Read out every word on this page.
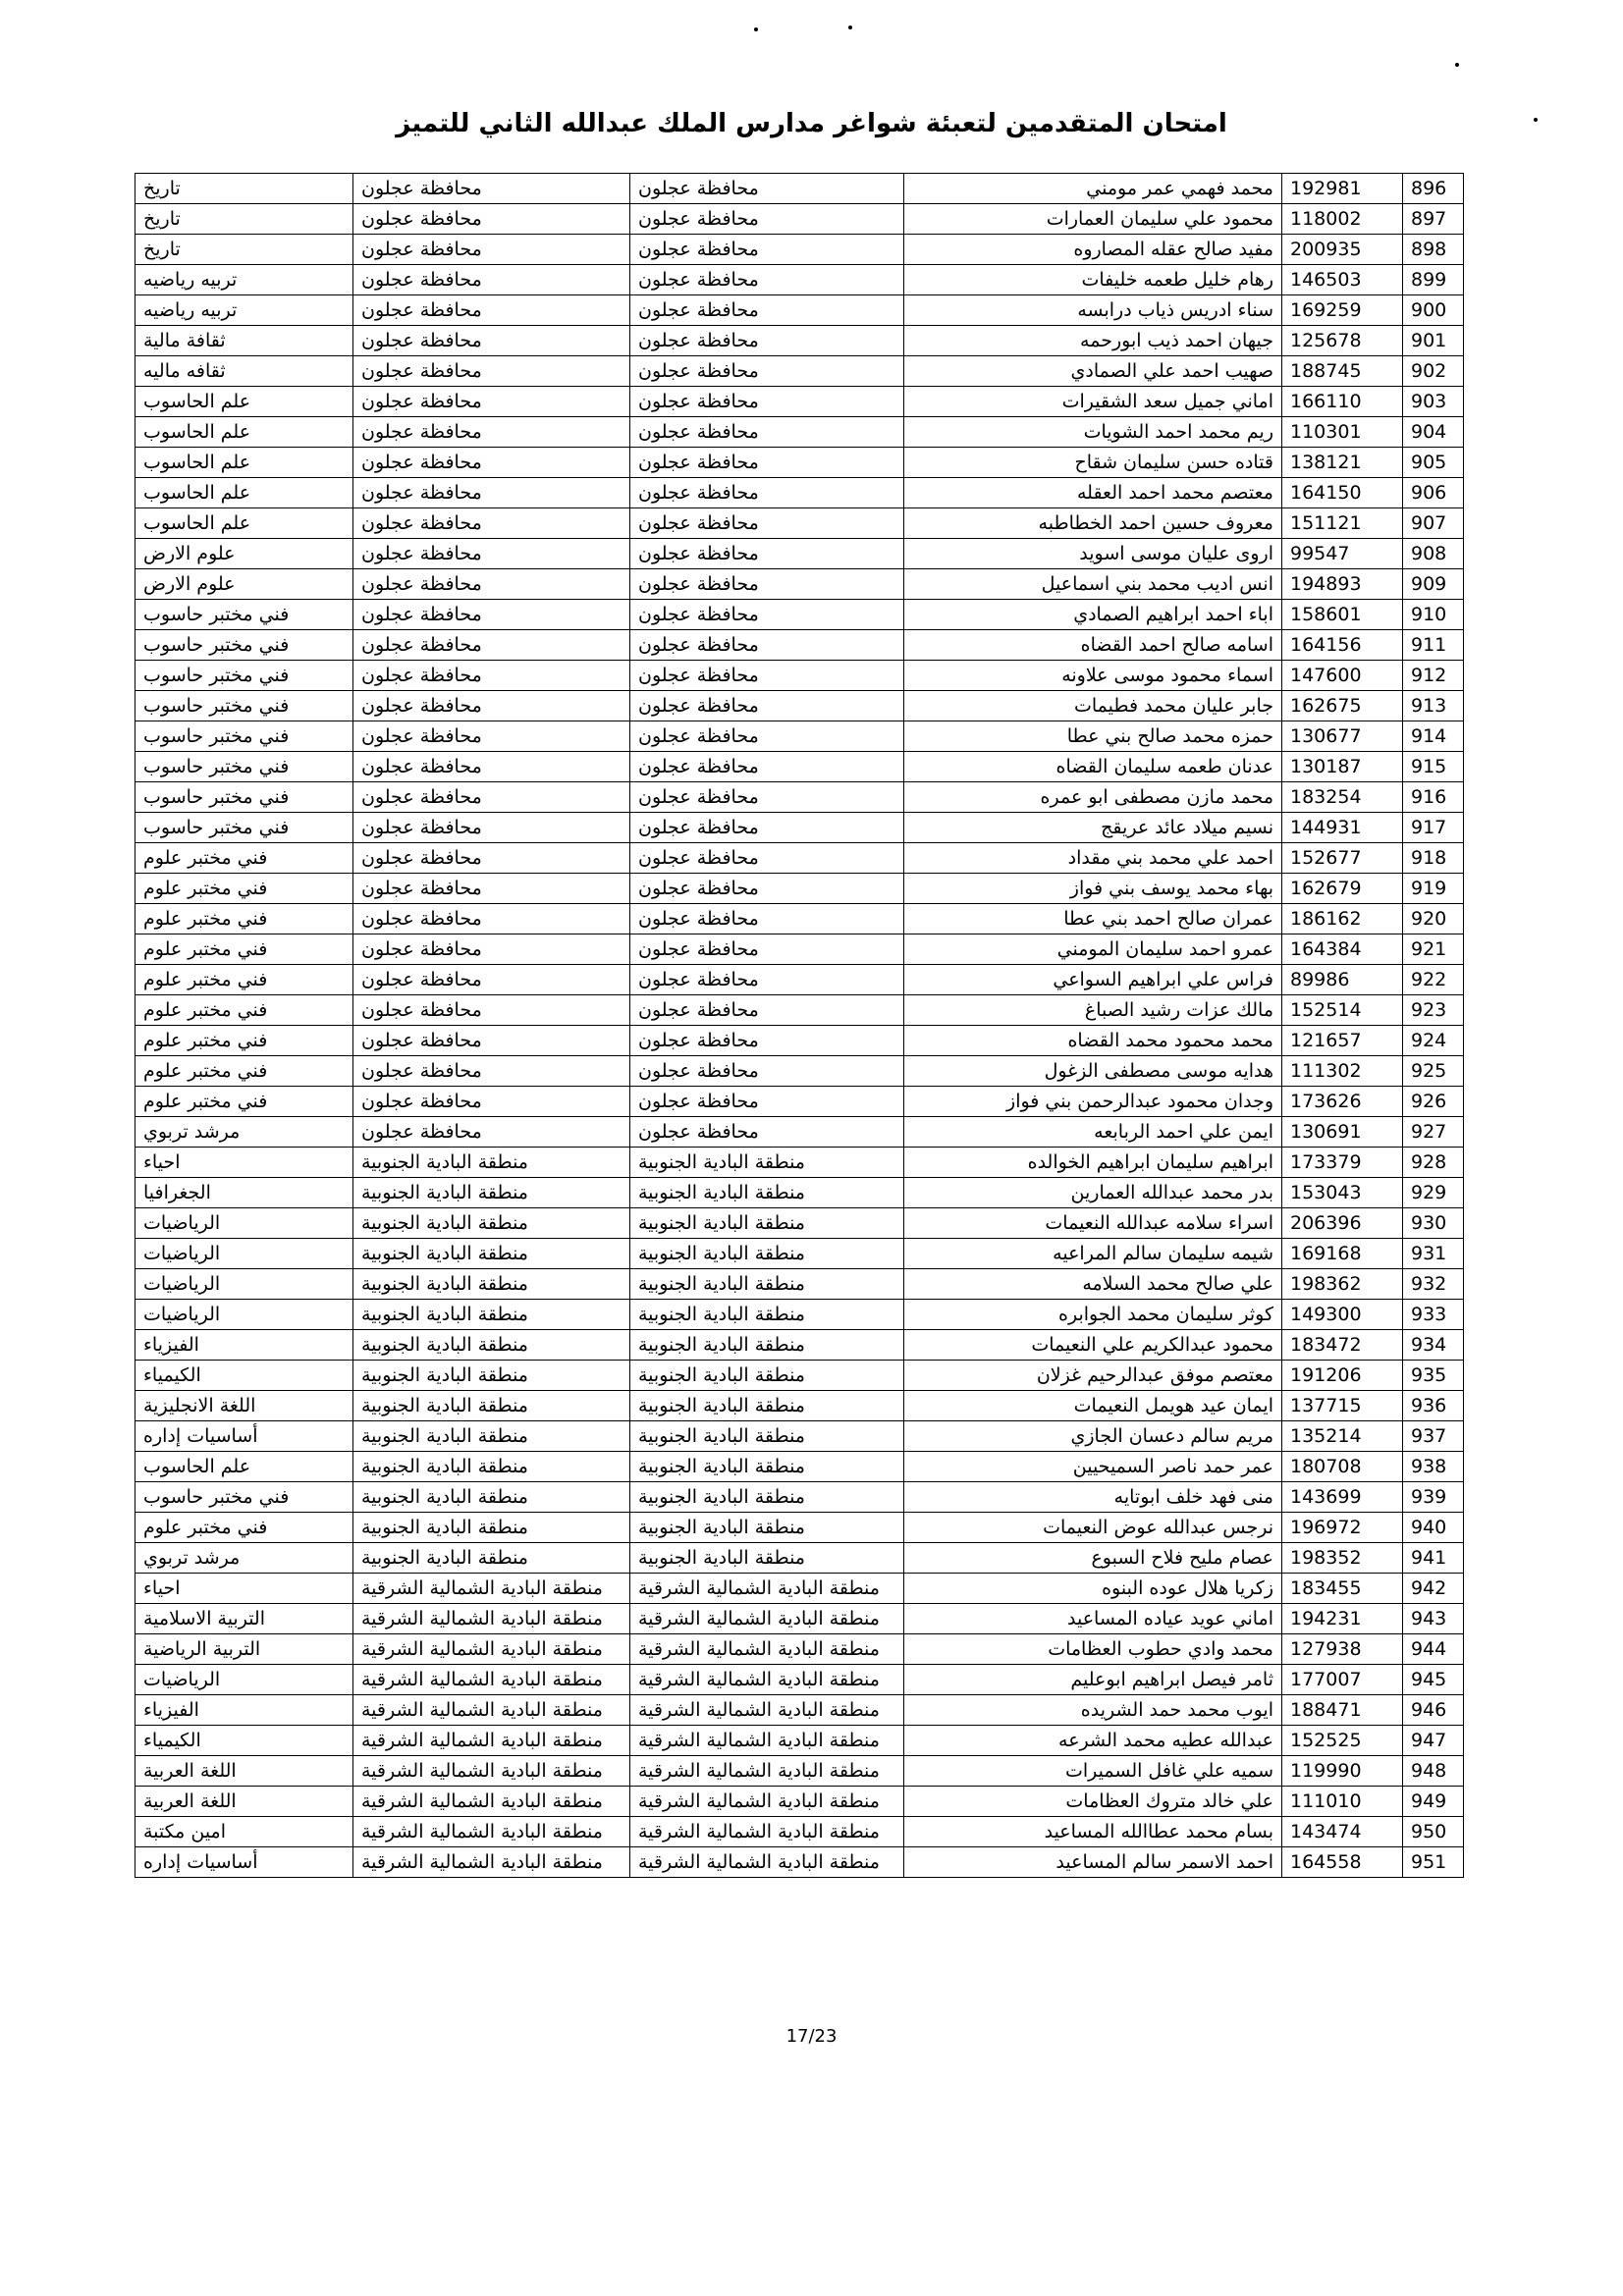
امتحان المتقدمين لتعبئة شواغر مدارس الملك عبدالله الثاني للتميز
896	192981	محمد فهمي عمر مومني	محافظة عجلون	محافظة عجلون	تاريخ
897	118002	محمود علي سليمان العمارات	محافظة عجلون	محافظة عجلون	تاريخ
898	200935	مفيد صالح عقله المصاروه	محافظة عجلون	محافظة عجلون	تاريخ
899	146503	رهام خليل طعمه خليفات	محافظة عجلون	محافظة عجلون	تربيه رياضيه
900	169259	سناء ادريس ذياب درابسه	محافظة عجلون	محافظة عجلون	تربيه رياضيه
901	125678	جيهان احمد ذيب ابورحمه	محافظة عجلون	محافظة عجلون	ثقافة مالية
902	188745	صهيب احمد علي الصمادي	محافظة عجلون	محافظة عجلون	ثقافه ماليه
903	166110	اماني جميل سعد الشقيرات	محافظة عجلون	محافظة عجلون	علم الحاسوب
904	110301	ريم محمد احمد الشويات	محافظة عجلون	محافظة عجلون	علم الحاسوب
905	138121	قتاده حسن سليمان شقاح	محافظة عجلون	محافظة عجلون	علم الحاسوب
906	164150	معتصم محمد احمد العقله	محافظة عجلون	محافظة عجلون	علم الحاسوب
907	151121	معروف حسين احمد الخطاطبه	محافظة عجلون	محافظة عجلون	علم الحاسوب
908	99547	اروى عليان موسى اسويد	محافظة عجلون	محافظة عجلون	علوم الارض
909	194893	انس اديب محمد بني اسماعيل	محافظة عجلون	محافظة عجلون	علوم الارض
910	158601	اباء احمد ابراهيم الصمادي	محافظة عجلون	محافظة عجلون	فني مختبر حاسوب
911	164156	اسامه صالح احمد القضاه	محافظة عجلون	محافظة عجلون	فني مختبر حاسوب
912	147600	اسماء محمود موسى علاونه	محافظة عجلون	محافظة عجلون	فني مختبر حاسوب
913	162675	جابر عليان محمد فطيمات	محافظة عجلون	محافظة عجلون	فني مختبر حاسوب
914	130677	حمزه محمد صالح بني عطا	محافظة عجلون	محافظة عجلون	فني مختبر حاسوب
915	130187	عدنان طعمه سليمان القضاه	محافظة عجلون	محافظة عجلون	فني مختبر حاسوب
916	183254	محمد مازن مصطفى ابو عمره	محافظة عجلون	محافظة عجلون	فني مختبر حاسوب
917	144931	نسيم ميلاد عائد عريقج	محافظة عجلون	محافظة عجلون	فني مختبر حاسوب
918	152677	احمد علي محمد بني مقداد	محافظة عجلون	محافظة عجلون	فني مختبر علوم
919	162679	بهاء محمد يوسف بني فواز	محافظة عجلون	محافظة عجلون	فني مختبر علوم
920	186162	عمران صالح احمد بني عطا	محافظة عجلون	محافظة عجلون	فني مختبر علوم
921	164384	عمرو احمد سليمان المومني	محافظة عجلون	محافظة عجلون	فني مختبر علوم
922	89986	فراس علي ابراهيم السواعي	محافظة عجلون	محافظة عجلون	فني مختبر علوم
923	152514	مالك عزات رشيد الصباغ	محافظة عجلون	محافظة عجلون	فني مختبر علوم
924	121657	محمد محمود محمد القضاه	محافظة عجلون	محافظة عجلون	فني مختبر علوم
925	111302	هدايه موسى مصطفى الزغول	محافظة عجلون	محافظة عجلون	فني مختبر علوم
926	173626	وجدان محمود عبدالرحمن بني فواز	محافظة عجلون	محافظة عجلون	فني مختبر علوم
927	130691	ايمن علي احمد الربابعه	محافظة عجلون	محافظة عجلون	مرشد تربوي
928	173379	ابراهيم سليمان ابراهيم الخوالده	منطقة البادية الجنوبية	منطقة البادية الجنوبية	احياء
929	153043	بدر محمد عبدالله العمارين	منطقة البادية الجنوبية	منطقة البادية الجنوبية	الجغرافيا
930	206396	اسراء سلامه عبدالله النعيمات	منطقة البادية الجنوبية	منطقة البادية الجنوبية	الرياضيات
931	169168	شيمه سليمان سالم المراعيه	منطقة البادية الجنوبية	منطقة البادية الجنوبية	الرياضيات
932	198362	علي صالح محمد السلامه	منطقة البادية الجنوبية	منطقة البادية الجنوبية	الرياضيات
933	149300	كوثر سليمان محمد الجوابره	منطقة البادية الجنوبية	منطقة البادية الجنوبية	الرياضيات
934	183472	محمود عبدالكريم علي النعيمات	منطقة البادية الجنوبية	منطقة البادية الجنوبية	الفيزياء
935	191206	معتصم موفق عبدالرحيم غزلان	منطقة البادية الجنوبية	منطقة البادية الجنوبية	الكيمياء
936	137715	ايمان عيد هويمل النعيمات	منطقة البادية الجنوبية	منطقة البادية الجنوبية	اللغة الانجليزية
937	135214	مريم سالم دعسان الجازي	منطقة البادية الجنوبية	منطقة البادية الجنوبية	أساسيات إداره
938	180708	عمر حمد ناصر السميحيين	منطقة البادية الجنوبية	منطقة البادية الجنوبية	علم الحاسوب
939	143699	منى فهد خلف ابوتايه	منطقة البادية الجنوبية	منطقة البادية الجنوبية	فني مختبر حاسوب
940	196972	نرجس عبدالله عوض النعيمات	منطقة البادية الجنوبية	منطقة البادية الجنوبية	فني مختبر علوم
941	198352	عصام مليح فلاح السبوع	منطقة البادية الجنوبية	منطقة البادية الجنوبية	مرشد تربوي
942	183455	زكريا هلال عوده البنوه	منطقة البادية الشمالية الشرقية	منطقة البادية الشمالية الشرقية	احياء
943	194231	اماني عويد عياده المساعيد	منطقة البادية الشمالية الشرقية	منطقة البادية الشمالية الشرقية	التربية الاسلامية
944	127938	محمد وادي حطوب العظامات	منطقة البادية الشمالية الشرقية	منطقة البادية الشمالية الشرقية	التربية الرياضية
945	177007	ثامر فيصل ابراهيم ابوعليم	منطقة البادية الشمالية الشرقية	منطقة البادية الشمالية الشرقية	الرياضيات
946	188471	ايوب محمد حمد الشريده	منطقة البادية الشمالية الشرقية	منطقة البادية الشمالية الشرقية	الفيزياء
947	152525	عبدالله عطيه محمد الشرعه	منطقة البادية الشمالية الشرقية	منطقة البادية الشمالية الشرقية	الكيمياء
948	119990	سميه علي غافل السميرات	منطقة البادية الشمالية الشرقية	منطقة البادية الشمالية الشرقية	اللغة العربية
949	111010	علي خالد متروك العظامات	منطقة البادية الشمالية الشرقية	منطقة البادية الشمالية الشرقية	اللغة العربية
950	143474	بسام محمد عطاالله المساعيد	منطقة البادية الشمالية الشرقية	منطقة البادية الشمالية الشرقية	امين مكتبة
951	164558	احمد الاسمر سالم المساعيد	منطقة البادية الشمالية الشرقية	منطقة البادية الشمالية الشرقية	أساسيات إداره
17/23
